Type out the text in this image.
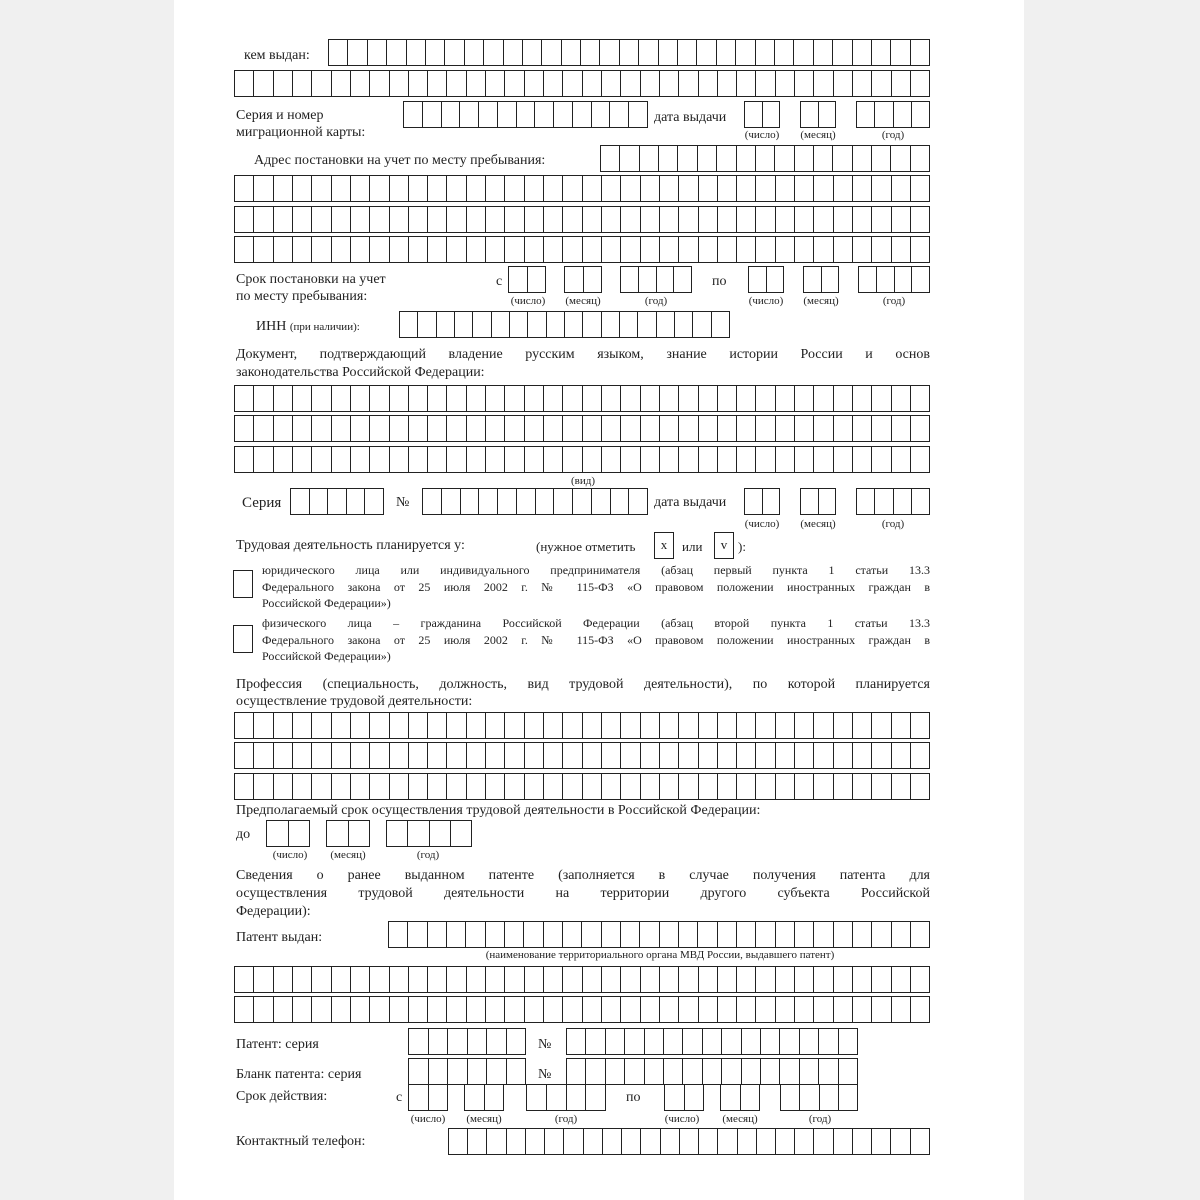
кем выдан:
Серия и номер
миграционной карты:
дата выдачи
(число)	(месяц)	(год)
Адрес постановки на учет по месту пребывания:
Срок постановки на учет
по месту пребывания:
с	по
(число)	(месяц)	(год)	(число)	(месяц)	(год)
ИНН (при наличии):
Документ, подтверждающий владение русским языком, знание истории России и основ
законодательства Российской Федерации:
(вид)
Серия	№	дата выдачи
(число)	(месяц)	(год)
Трудовая деятельность планируется у:	(нужное отметить	x	или	v ):
юридического лица или индивидуального предпринимателя (абзац первый пункта 1 статьи 13.3
Федерального закона от 25 июля 2002 г. № 115-ФЗ «О правовом положении иностранных граждан в
Российской Федерации»)
физического лица – гражданина Российской Федерации (абзац второй пункта 1 статьи 13.3
Федерального закона от 25 июля 2002 г. № 115-ФЗ «О правовом положении иностранных граждан в
Российской Федерации»)
Профессия (специальность, должность, вид трудовой деятельности), по которой планируется
осуществление трудовой деятельности:
Предполагаемый срок осуществления трудовой деятельности в Российской Федерации:
до
(число)	(месяц)	(год)
Сведения о ранее выданном патенте (заполняется в случае получения патента для
осуществления трудовой деятельности на территории другого субъекта Российской
Федерации):
Патент выдан:
(наименование территориального органа МВД России, выдавшего патент)
Патент: серия	№
Бланк патента: серия	№
Срок действия:	с	по
(число)	(месяц)	(год)	(число)	(месяц)	(год)
Контактный телефон:
